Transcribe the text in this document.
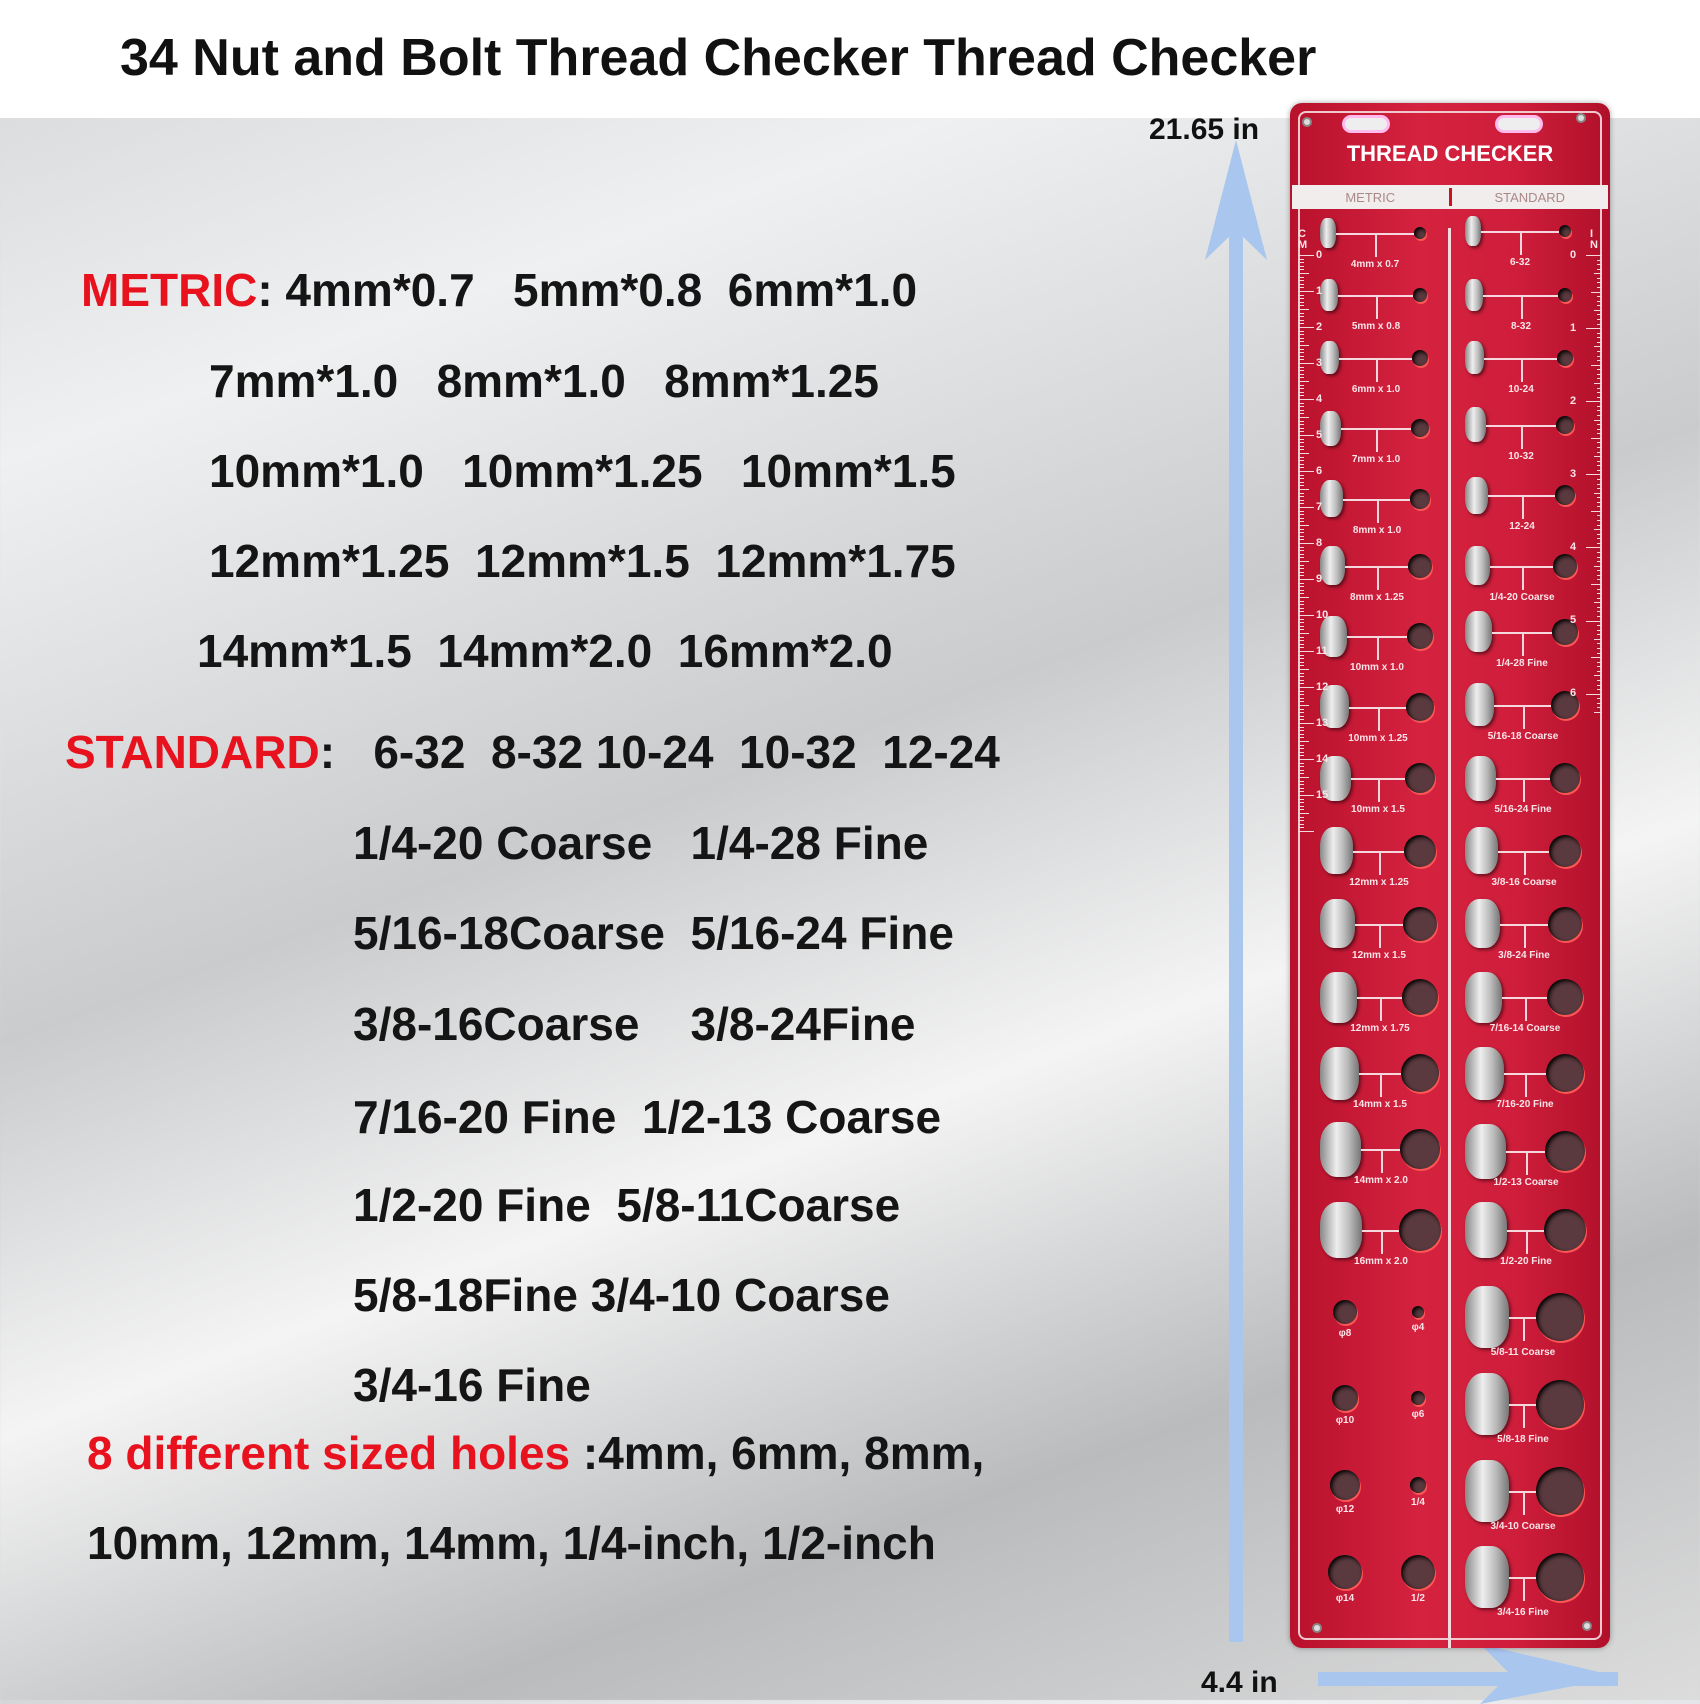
34 Nut and Bolt Thread Checker Thread Checker
METRIC: 4mm*0.7   5mm*0.8  6mm*1.0
7mm*1.0   8mm*1.0   8mm*1.25
10mm*1.0   10mm*1.25   10mm*1.5
12mm*1.25  12mm*1.5  12mm*1.75
14mm*1.5  14mm*2.0  16mm*2.0
STANDARD:   6-32  8-32 10-24  10-32  12-24
1/4-20 Coarse   1/4-28 Fine
5/16-18Coarse  5/16-24 Fine
3/8-16Coarse    3/8-24Fine
7/16-20 Fine  1/2-13 Coarse
1/2-20 Fine  5/8-11Coarse
5/8-18Fine 3/4-10 Coarse
3/4-16 Fine
8 different sized holes :4mm, 6mm, 8mm,
10mm, 12mm, 14mm, 1/4-inch, 1/2-inch
21.65 in
4.4 in
THREAD CHECKER
METRIC	STANDARD
CM
IN
4mm x 0.7
5mm x 0.8
6mm x 1.0
7mm x 1.0
8mm x 1.0
8mm x 1.25
10mm x 1.0
10mm x 1.25
10mm x 1.5
12mm x 1.25
12mm x 1.5
12mm x 1.75
14mm x 1.5
14mm x 2.0
16mm x 2.0
6-32
8-32
10-24
10-32
12-24
1/4-20 Coarse
1/4-28 Fine
5/16-18 Coarse
5/16-24 Fine
3/8-16 Coarse
3/8-24 Fine
7/16-14 Coarse
7/16-20 Fine
1/2-13 Coarse
1/2-20 Fine
5/8-11 Coarse
5/8-18 Fine
3/4-10 Coarse
3/4-16 Fine
φ8
φ4
φ10
φ6
φ12
1/4
φ14	1/2
0
1
2
3
4
5
6
7
8
9
10
11
12
13
14
15
0
1
2
3
4
5
6
